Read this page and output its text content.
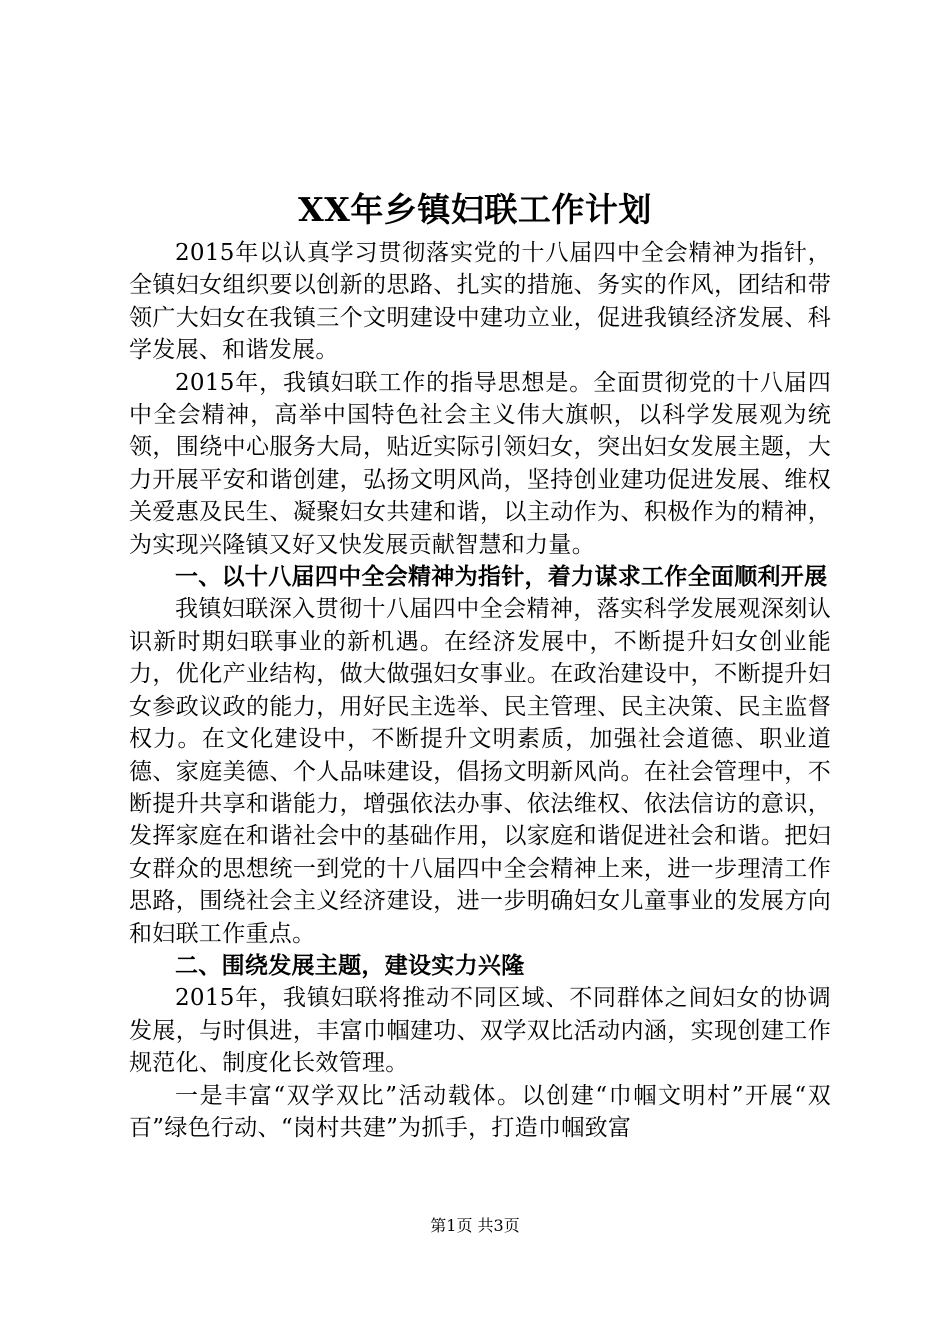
XX年乡镇妇联工作计划

2015年以认真学习贯彻落实党的十八届四中全会精神为指针，全镇妇女组织要以创新的思路、扎实的措施、务实的作风，团结和带领广大妇女在我镇三个文明建设中建功立业，促进我镇经济发展、科学发展、和谐发展。

2015年，我镇妇联工作的指导思想是。全面贯彻党的十八届四中全会精神，高举中国特色社会主义伟大旗帜，以科学发展观为统领，围绕中心服务大局，贴近实际引领妇女，突出妇女发展主题，大力开展平安和谐创建，弘扬文明风尚，坚持创业建功促进发展、维权关爱惠及民生、凝聚妇女共建和谐，以主动作为、积极作为的精神，为实现兴隆镇又好又快发展贡献智慧和力量。

一、以十八届四中全会精神为指针，着力谋求工作全面顺利开展

我镇妇联深入贯彻十八届四中全会精神，落实科学发展观深刻认识新时期妇联事业的新机遇。在经济发展中，不断提升妇女创业能力，优化产业结构，做大做强妇女事业。在政治建设中，不断提升妇女参政议政的能力，用好民主选举、民主管理、民主决策、民主监督权力。在文化建设中，不断提升文明素质，加强社会道德、职业道德、家庭美德、个人品味建设，倡扬文明新风尚。在社会管理中，不断提升共享和谐能力，增强依法办事、依法维权、依法信访的意识，发挥家庭在和谐社会中的基础作用，以家庭和谐促进社会和谐。把妇女群众的思想统一到党的十八届四中全会精神上来，进一步理清工作思路，围绕社会主义经济建设，进一步明确妇女儿童事业的发展方向和妇联工作重点。

二、围绕发展主题，建设实力兴隆

2015年，我镇妇联将推动不同区域、不同群体之间妇女的协调发展，与时俱进，丰富巾帼建功、双学双比活动内涵，实现创建工作规范化、制度化长效管理。

一是丰富“双学双比”活动载体。以创建“巾帼文明村”开展“双百”绿色行动、“岗村共建”为抓手，打造巾帼致富

第1页 共3页
